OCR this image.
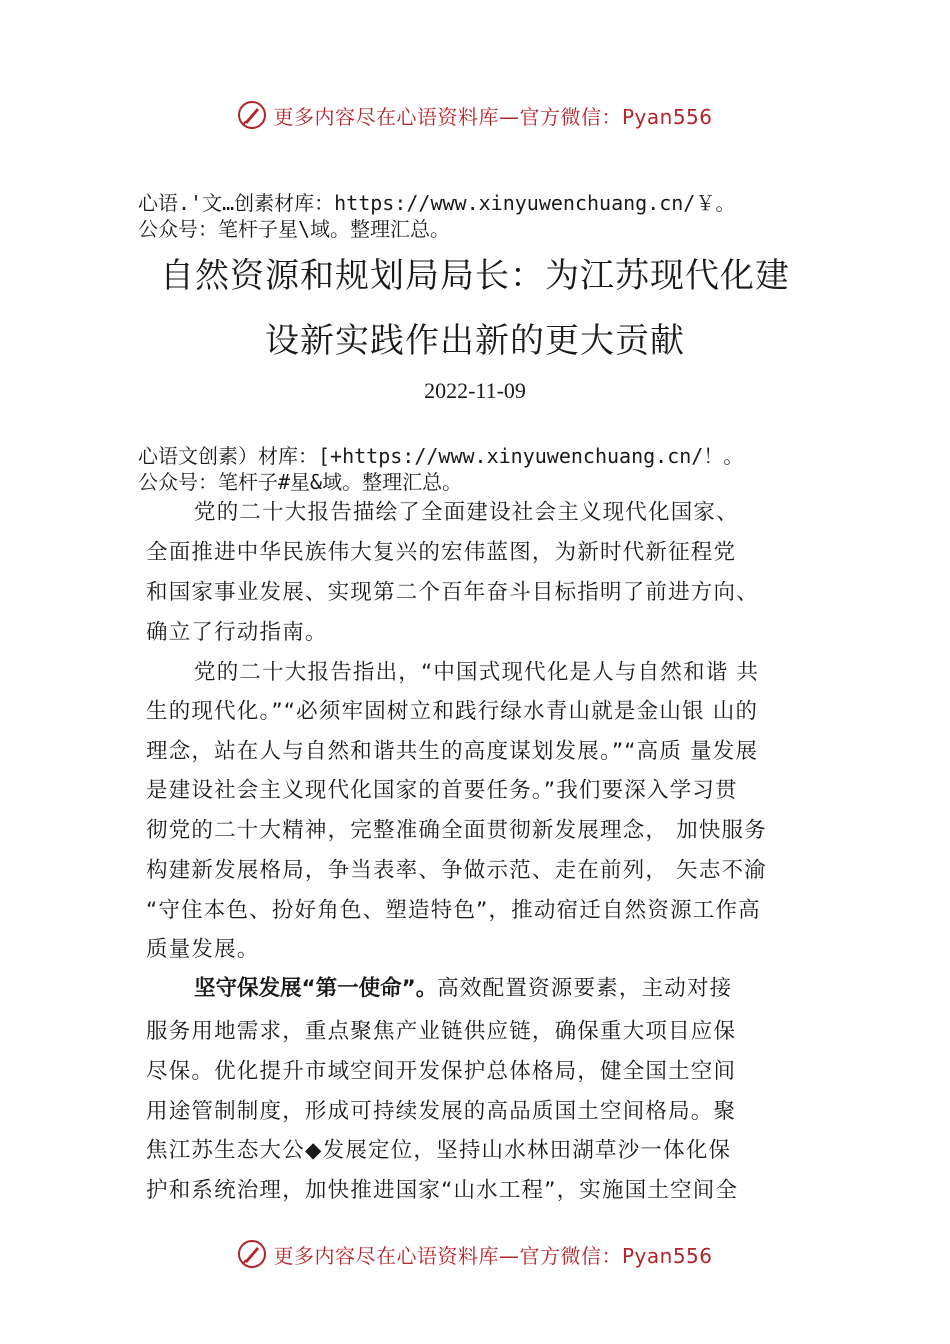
更多内容尽在心语资料库—官方微信：Pyan556
心语.'文…创素材库：https://www.xinyuwenchuang.cn/￥。
公众号：笔杆子星\域。整理汇总。
自然资源和规划局局长：为江苏现代化建
设新实践作出新的更大贡献
2022-11-09
心语文创素）材库：[+https://www.xinyuwenchuang.cn/！。
公众号：笔杆子#星&域。整理汇总。
党的二十大报告描绘了全面建设社会主义现代化国家、
全面推进中华民族伟大复兴的宏伟蓝图，为新时代新征程党
和国家事业发展、实现第二个百年奋斗目标指明了前进方向、
确立了行动指南。
党的二十大报告指出，“中国式现代化是人与自然和谐 共
生的现代化。”“必须牢固树立和践行绿水青山就是金山银 山的
理念，站在人与自然和谐共生的高度谋划发展。”“高质 量发展
是建设社会主义现代化国家的首要任务。”我们要深入学习贯
彻党的二十大精神，完整准确全面贯彻新发展理念， 加快服务
构建新发展格局，争当表率、争做示范、走在前列， 矢志不渝
“守住本色、扮好角色、塑造特色”，推动宿迁自然资源工作高
质量发展。
坚守保发展“第一使命”。高效配置资源要素，主动对接
服务用地需求，重点聚焦产业链供应链，确保重大项目应保
尽保。优化提升市域空间开发保护总体格局，健全国土空间
用途管制制度，形成可持续发展的高品质国土空间格局。聚
焦江苏生态大公◆发展定位，坚持山水林田湖草沙一体化保
护和系统治理，加快推进国家“山水工程”，实施国土空间全
更多内容尽在心语资料库—官方微信：Pyan556
